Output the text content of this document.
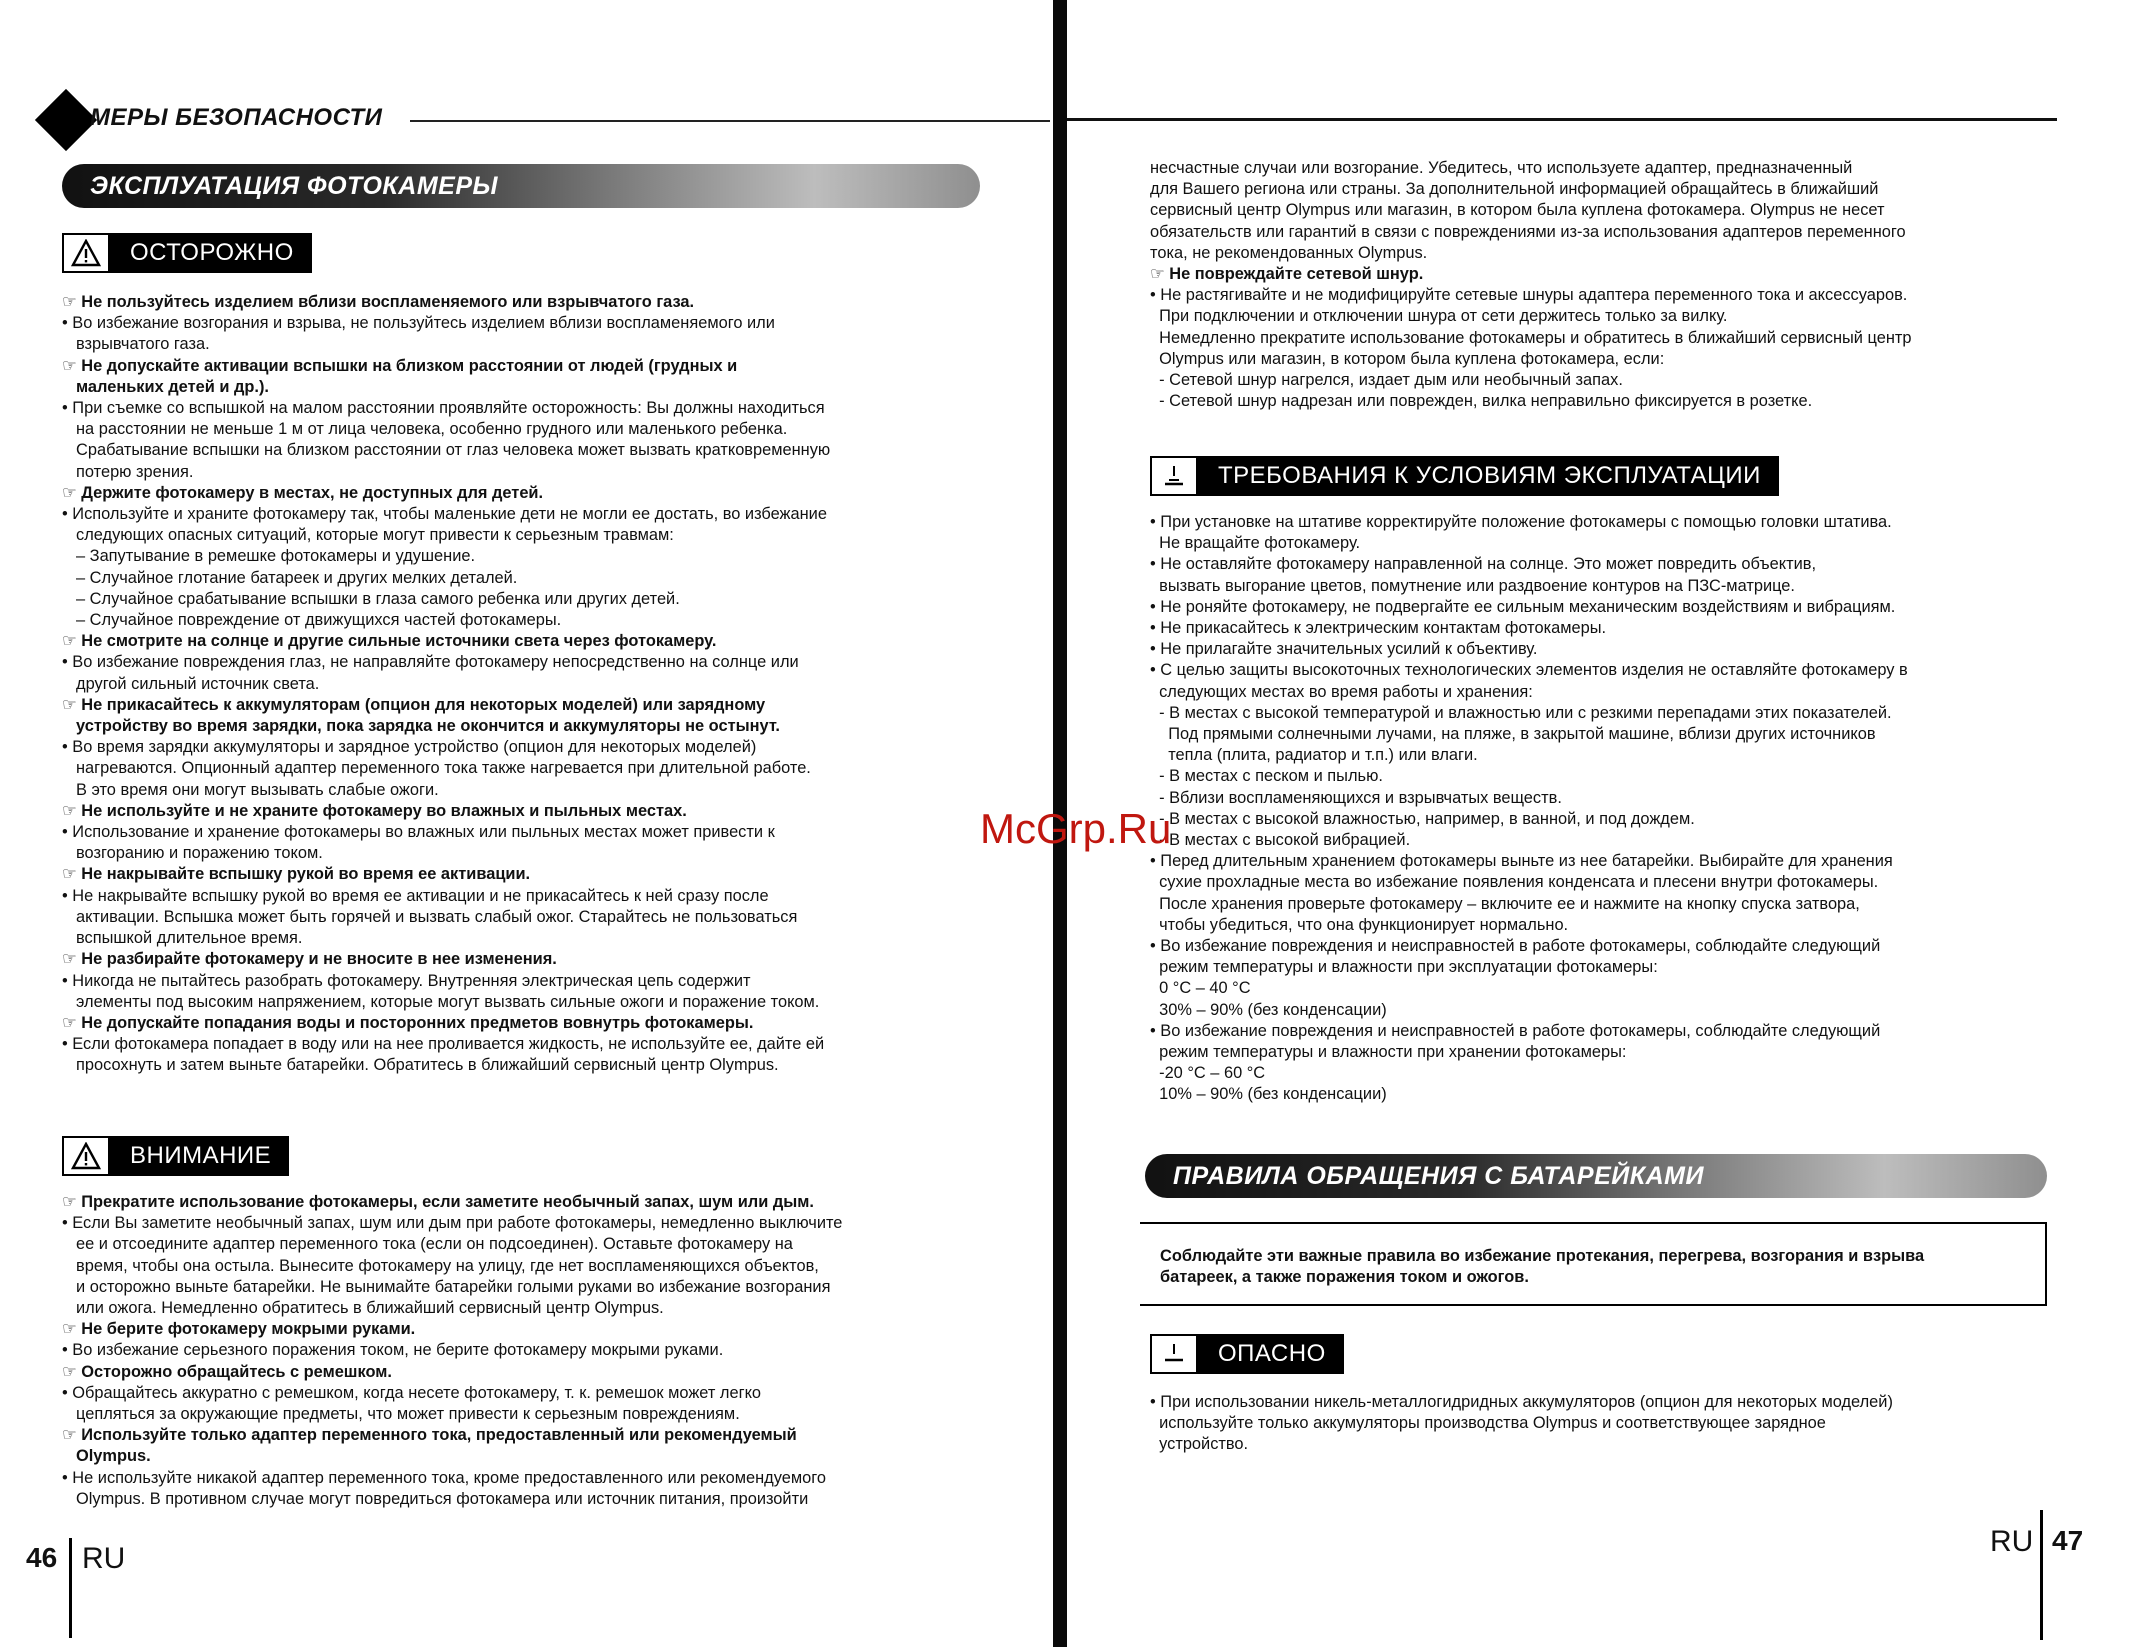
МЕРЫ БЕЗОПАСНОСТИ
ЭКСПЛУАТАЦИЯ ФОТОКАМЕРЫ
ОСТОРОЖНО

☞ Не пользуйтесь изделием вблизи воспламеняемого или взрывчатого газа.

• Во избежание возгорания и взрыва, не пользуйтесь изделием вблизи воспламеняемого или

взрывчатого газа.

☞ Не допускайте активации вспышки на близком расстоянии от людей (грудных и

маленьких детей и др.).

• При съемке со вспышкой на малом расстоянии проявляйте осторожность: Вы должны находиться

на расстоянии не меньше 1 м от лица человека, особенно грудного или маленького ребенка.

Срабатывание вспышки на близком расстоянии от глаз человека может вызвать кратковременную

потерю зрения.

☞ Держите фотокамеру в местах, не доступных для детей.

• Используйте и храните фотокамеру так, чтобы маленькие дети не могли ее достать, во избежание

следующих опасных ситуаций, которые могут привести к серьезным травмам:

– Запутывание в ремешке фотокамеры и удушение.

– Случайное глотание батареек и других мелких деталей.

– Случайное срабатывание вспышки в глаза самого ребенка или других детей.

– Случайное повреждение от движущихся частей фотокамеры.

☞ Не смотрите на солнце и другие сильные источники света через фотокамеру.

• Во избежание повреждения глаз, не направляйте фотокамеру непосредственно на солнце или

другой сильный источник света.

☞ Не прикасайтесь к аккумуляторам (опцион для некоторых моделей) или зарядному

устройству во время зарядки, пока зарядка не окончится и аккумуляторы не остынут.

• Во время зарядки аккумуляторы и зарядное устройство (опцион для некоторых моделей)

нагреваются. Опционный адаптер переменного тока также нагревается при длительной работе.

В это время они могут вызывать слабые ожоги.

☞ Не используйте и не храните фотокамеру во влажных и пыльных местах.

• Использование и хранение фотокамеры во влажных или пыльных местах может привести к

возгоранию и поражению током.

☞ Не накрывайте вспышку рукой во время ее активации.

• Не накрывайте вспышку рукой во время ее активации и не прикасайтесь к ней сразу после

активации. Вспышка может быть горячей и вызвать слабый ожог. Старайтесь не пользоваться

вспышкой длительное время.

☞ Не разбирайте фотокамеру и не вносите в нее изменения.

• Никогда не пытайтесь разобрать фотокамеру. Внутренняя электрическая цепь содержит

элементы под высоким напряжением, которые могут вызвать сильные ожоги и поражение током.

☞ Не допускайте попадания воды и посторонних предметов вовнутрь фотокамеры.

• Если фотокамера попадает в воду или на нее проливается жидкость, не используйте ее, дайте ей

просохнуть и затем выньте батарейки. Обратитесь в ближайший сервисный центр Olympus.

ВНИМАНИЕ

☞ Прекратите использование фотокамеры, если заметите необычный запах, шум или дым.

• Если Вы заметите необычный запах, шум или дым при работе фотокамеры, немедленно выключите

ее и отсоедините адаптер переменного тока (если он подсоединен). Оставьте фотокамеру на

время, чтобы она остыла. Вынесите фотокамеру на улицу, где нет воспламеняющихся объектов,

и осторожно выньте батарейки. Не вынимайте батарейки голыми руками во избежание возгорания

или ожога. Немедленно обратитесь в ближайший сервисный центр Olympus.

☞ Не берите фотокамеру мокрыми руками.

• Во избежание серьезного поражения током, не берите фотокамеру мокрыми руками.

☞ Осторожно обращайтесь с ремешком.

• Обращайтесь аккуратно с ремешком, когда несете фотокамеру, т. к. ремешок может легко

цепляться за окружающие предметы, что может привести к серьезным повреждениям.

☞ Используйте только адаптер переменного тока, предоставленный или рекомендуемый

Olympus.

• Не используйте никакой адаптер переменного тока, кроме предоставленного или рекомендуемого

Olympus. В противном случае могут повредиться фотокамера или источник питания, произойти

46 RU

несчастные случаи или возгорание. Убедитесь, что используете адаптер, предназначенный

для Вашего региона или страны. За дополнительной информацией обращайтесь в ближайший

сервисный центр Olympus или магазин, в котором была куплена фотокамера. Olympus не несет

обязательств или гарантий в связи с повреждениями из-за использования адаптеров переменного

тока, не рекомендованных Olympus.

☞ Не повреждайте сетевой шнур.

• Не растягивайте и не модифицируйте сетевые шнуры адаптера переменного тока и аксессуаров.

При подключении и отключении шнура от сети держитесь только за вилку.

Немедленно прекратите использование фотокамеры и обратитесь в ближайший сервисный центр

Olympus или магазин, в котором была куплена фотокамера, если:

- Сетевой шнур нагрелся, издает дым или необычный запах.

- Сетевой шнур надрезан или поврежден, вилка неправильно фиксируется в розетке.

ТРЕБОВАНИЯ К УСЛОВИЯМ ЭКСПЛУАТАЦИИ

• При установке на штативе корректируйте положение фотокамеры с помощью головки штатива.

Не вращайте фотокамеру.

• Не оставляйте фотокамеру направленной на солнце. Это может повредить объектив,

вызвать выгорание цветов, помутнение или раздвоение контуров на ПЗС-матрице.

• Не роняйте фотокамеру, не подвергайте ее сильным механическим воздействиям и вибрациям.

• Не прикасайтесь к электрическим контактам фотокамеры.

• Не прилагайте значительных усилий к объективу.

• С целью защиты высокоточных технологических элементов изделия не оставляйте фотокамеру в

следующих местах во время работы и хранения:

- В местах с высокой температурой и влажностью или с резкими перепадами этих показателей.

Под прямыми солнечными лучами, на пляже, в закрытой машине, вблизи других источников

тепла (плита, радиатор и т.п.) или влаги.

- В местах с песком и пылью.

- Вблизи воспламеняющихся и взрывчатых веществ.

- В местах с высокой влажностью, например, в ванной, и под дождем.

- В местах с высокой вибрацией.

• Перед длительным хранением фотокамеры выньте из нее батарейки. Выбирайте для хранения

сухие прохладные места во избежание появления конденсата и плесени внутри фотокамеры.

После хранения проверьте фотокамеру – включите ее и нажмите на кнопку спуска затвора,

чтобы убедиться, что она функционирует нормально.

• Во избежание повреждения и неисправностей в работе фотокамеры, соблюдайте следующий

режим температуры и влажности при эксплуатации фотокамеры:

0 °C – 40 °C

30% – 90% (без конденсации)

• Во избежание повреждения и неисправностей в работе фотокамеры, соблюдайте следующий

режим температуры и влажности при хранении фотокамеры:

-20 °C – 60 °C

10% – 90% (без конденсации)

ПРАВИЛА ОБРАЩЕНИЯ С БАТАРЕЙКАМИ
Соблюдайте эти важные правила во избежание протекания, перегрева, возгорания и взрыва батареек, а также поражения током и ожогов.
ОПАСНО

• При использовании никель-металлогидридных аккумуляторов (опцион для некоторых моделей)

используйте только аккумуляторы производства Olympus и соответствующее зарядное

устройство.

RU 47
McGrp.Ru
